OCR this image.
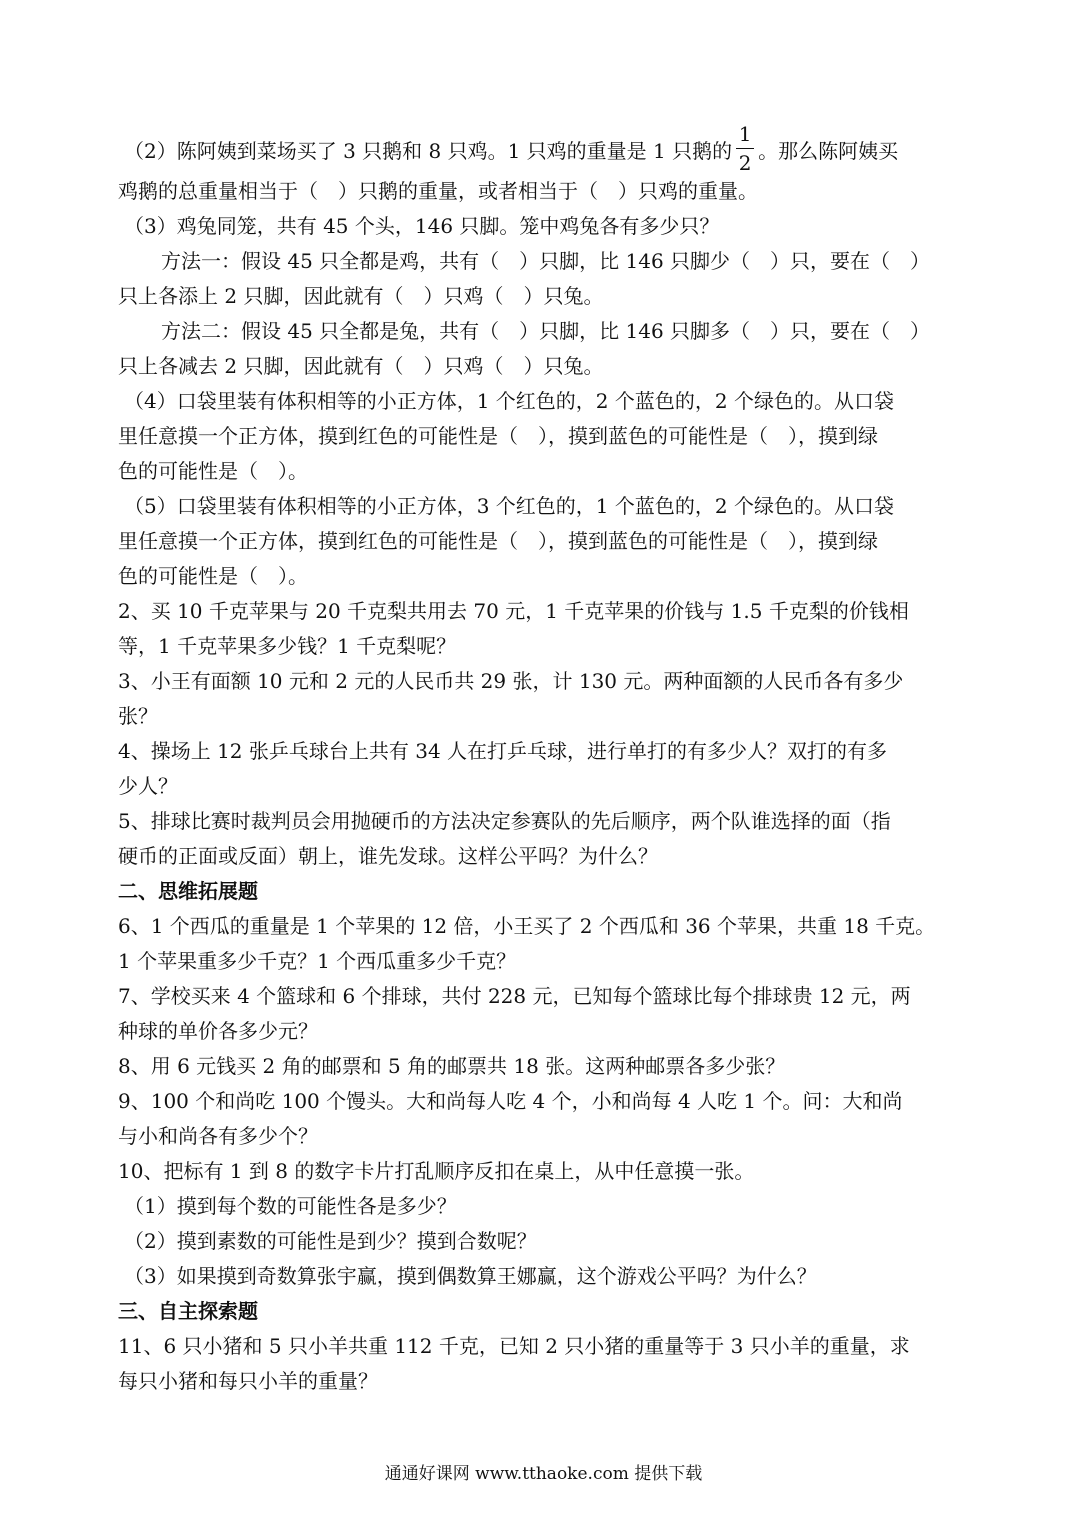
（2）陈阿姨到菜场买了 3 只鹅和 8 只鸡。1 只鸡的重量是 1 只鹅的 $\frac{1}{2}$ 。那么陈阿姨买
鸡鹅的总重量相当于（　）只鹅的重量，或者相当于（　）只鸡的重量。
（3）鸡兔同笼，共有 45 个头，146 只脚。笼中鸡兔各有多少只？
方法一：假设 45 只全都是鸡，共有（　）只脚，比 146 只脚少（　）只，要在（　）
只上各添上 2 只脚，因此就有（　）只鸡（　）只兔。
方法二：假设 45 只全都是兔，共有（　）只脚，比 146 只脚多（　）只，要在（　）
只上各减去 2 只脚，因此就有（　）只鸡（　）只兔。
（4）口袋里装有体积相等的小正方体，1 个红色的，2 个蓝色的，2 个绿色的。从口袋
里任意摸一个正方体，摸到红色的可能性是（　），摸到蓝色的可能性是（　），摸到绿
色的可能性是（　）。
（5）口袋里装有体积相等的小正方体，3 个红色的，1 个蓝色的，2 个绿色的。从口袋
里任意摸一个正方体，摸到红色的可能性是（　），摸到蓝色的可能性是（　），摸到绿
色的可能性是（　）。
2、买 10 千克苹果与 20 千克梨共用去 70 元，1 千克苹果的价钱与 1.5 千克梨的价钱相
等，1 千克苹果多少钱？1 千克梨呢？
3、小王有面额 10 元和 2 元的人民币共 29 张，计 130 元。两种面额的人民币各有多少
张？
4、操场上 12 张乒乓球台上共有 34 人在打乒乓球，进行单打的有多少人？双打的有多
少人？
5、排球比赛时裁判员会用抛硬币的方法决定参赛队的先后顺序，两个队谁选择的面（指
硬币的正面或反面）朝上，谁先发球。这样公平吗？为什么？
二、思维拓展题
6、1 个西瓜的重量是 1 个苹果的 12 倍，小王买了 2 个西瓜和 36 个苹果，共重 18 千克。
1 个苹果重多少千克？1 个西瓜重多少千克？
7、学校买来 4 个篮球和 6 个排球，共付 228 元，已知每个篮球比每个排球贵 12 元，两
种球的单价各多少元？
8、用 6 元钱买 2 角的邮票和 5 角的邮票共 18 张。这两种邮票各多少张？
9、100 个和尚吃 100 个馒头。大和尚每人吃 4 个，小和尚每 4 人吃 1 个。问：大和尚
与小和尚各有多少个？
10、把标有 1 到 8 的数字卡片打乱顺序反扣在桌上，从中任意摸一张。
（1）摸到每个数的可能性各是多少？
（2）摸到素数的可能性是到少？摸到合数呢？
（3）如果摸到奇数算张宇赢，摸到偶数算王娜赢，这个游戏公平吗？为什么？
三、自主探索题
11、6 只小猪和 5 只小羊共重 112 千克，已知 2 只小猪的重量等于 3 只小羊的重量，求
每只小猪和每只小羊的重量？
通通好课网 www.tthaoke.com 提供下载
